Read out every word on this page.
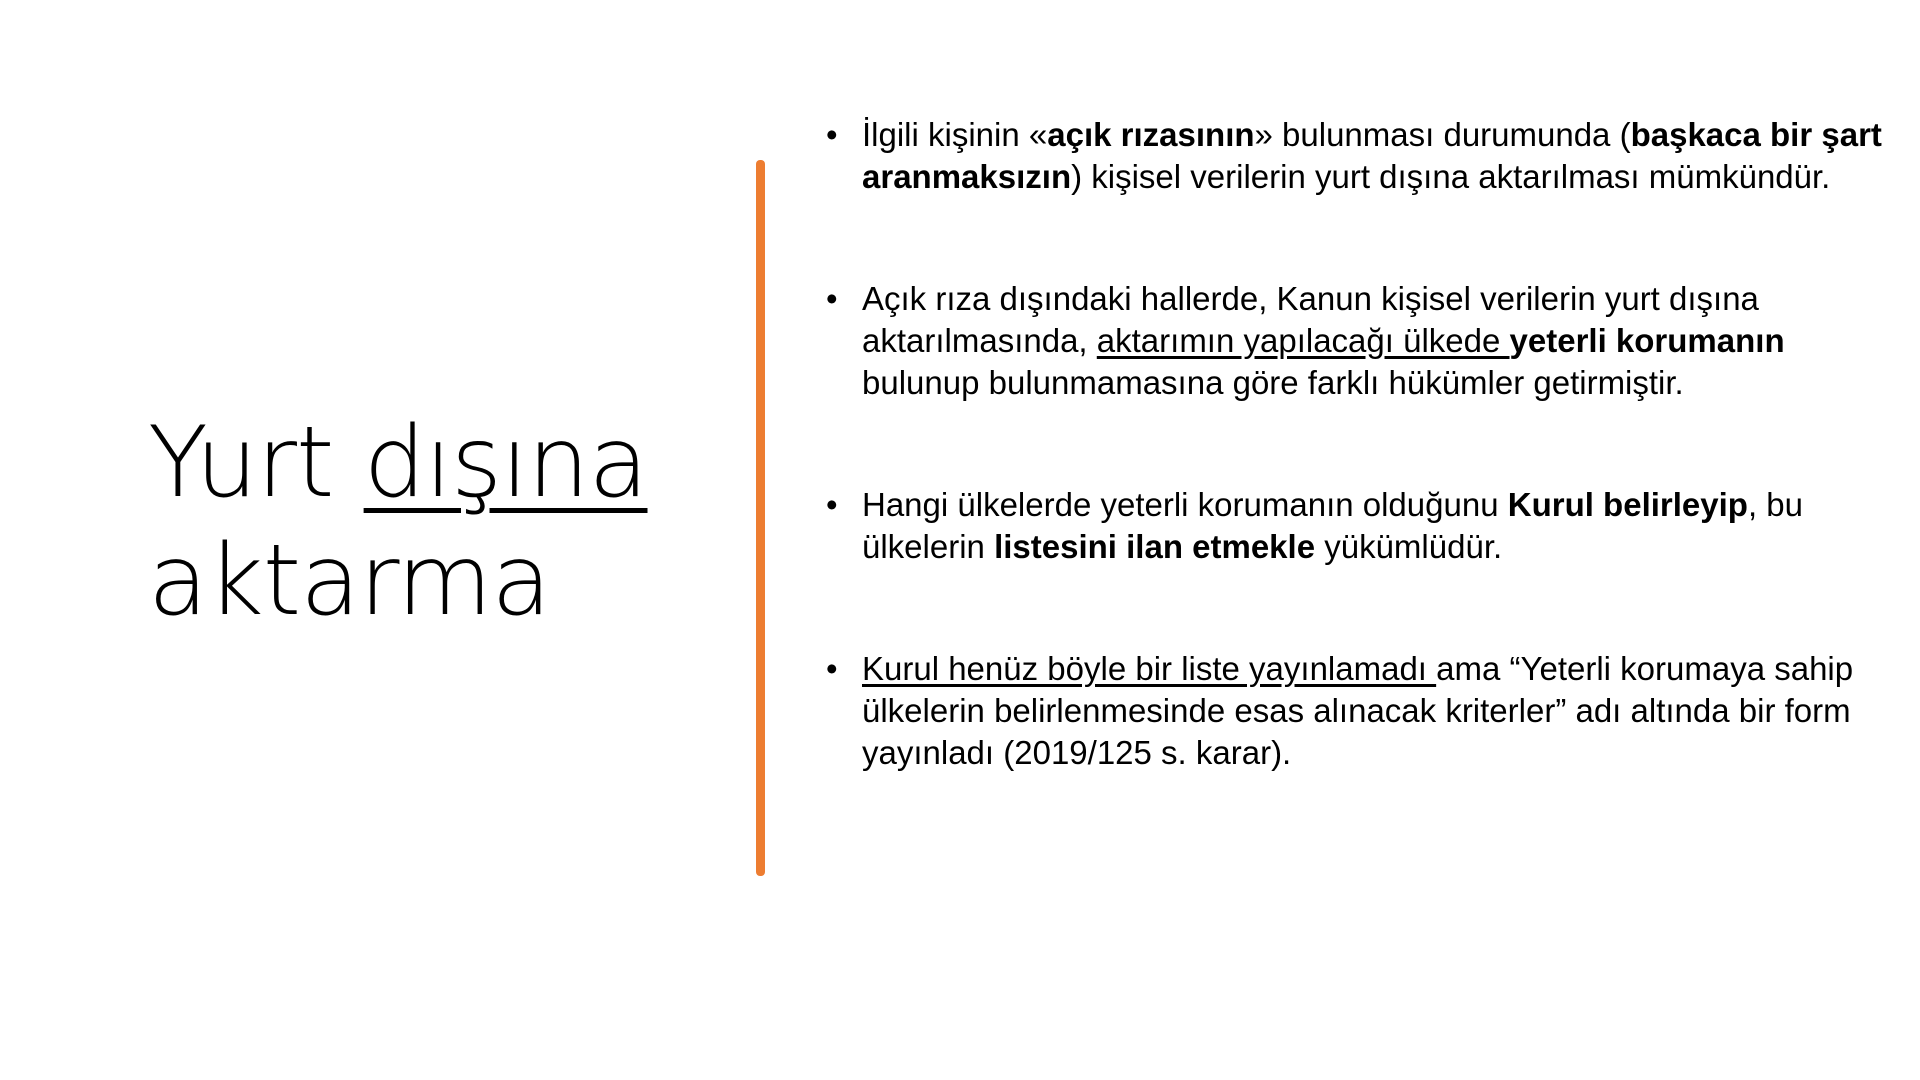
Yurt dışına
aktarma
• İlgili kişinin «açık rızasının» bulunması durumunda (başkaca bir şart aranmaksızın) kişisel verilerin yurt dışına aktarılması mümkündür.
• Açık rıza dışındaki hallerde, Kanun kişisel verilerin yurt dışına aktarılmasında, aktarımın yapılacağı ülkede yeterli korumanın bulunup bulunmamasına göre farklı hükümler getirmiştir.
• Hangi ülkelerde yeterli korumanın olduğunu Kurul belirleyip, bu ülkelerin listesini ilan etmekle yükümlüdür.
• Kurul henüz böyle bir liste yayınlamadı ama “Yeterli korumaya sahip ülkelerin belirlenmesinde esas alınacak kriterler” adı altında bir form yayınladı (2019/125 s. karar).
